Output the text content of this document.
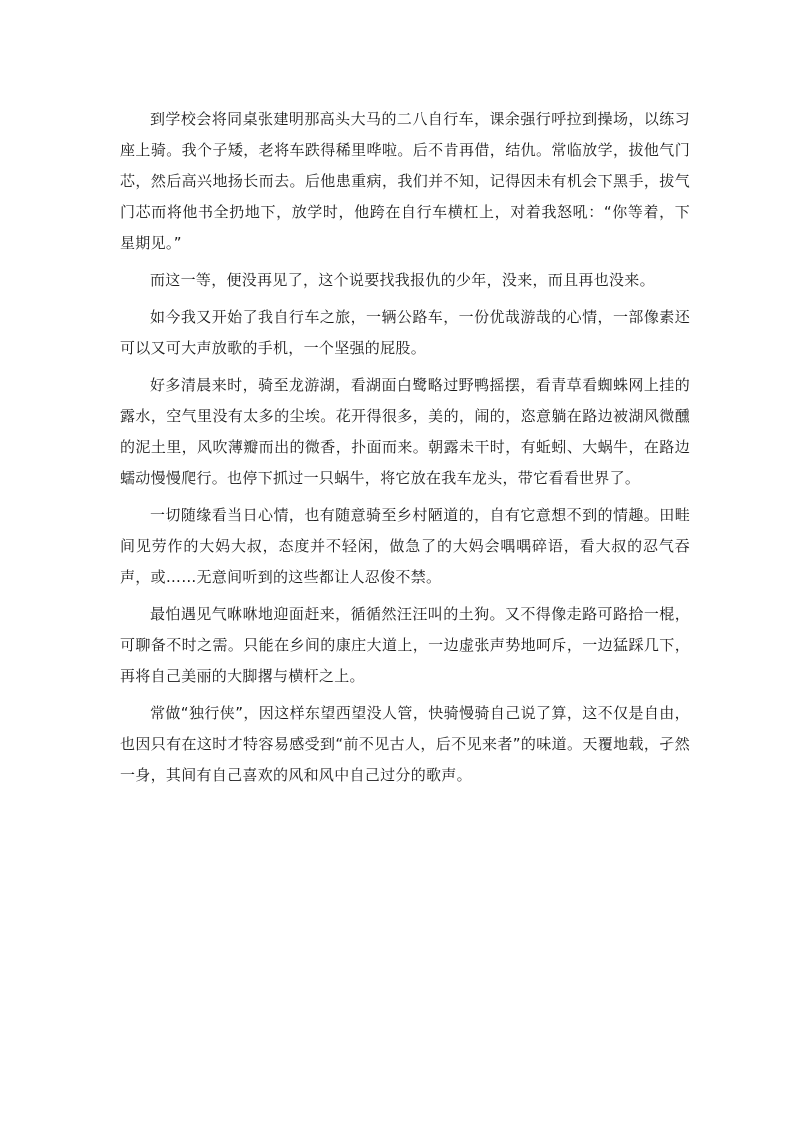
到学校会将同桌张建明那高头大马的二八自行车，课余强行呼拉到操场，以练习座上骑。我个子矮，老将车跌得稀里哗啦。后不肯再借，结仇。常临放学，拔他气门芯，然后高兴地扬长而去。后他患重病，我们并不知，记得因未有机会下黑手，拔气门芯而将他书全扔地下，放学时，他跨在自行车横杠上，对着我怒吼：“你等着，下星期见。”

而这一等，便没再见了，这个说要找我报仇的少年，没来，而且再也没来。

如今我又开始了我自行车之旅，一辆公路车，一份优哉游哉的心情，一部像素还可以又可大声放歌的手机，一个坚强的屁股。

好多清晨来时，骑至龙游湖，看湖面白鹭略过野鸭摇摆，看青草看蜘蛛网上挂的露水，空气里没有太多的尘埃。花开得很多，美的，闹的，恣意躺在路边被湖风微醺的泥土里，风吹薄瓣而出的微香，扑面而来。朝露未干时，有蚯蚓、大蜗牛，在路边蠕动慢慢爬行。也停下抓过一只蜗牛，将它放在我车龙头，带它看看世界了。

一切随缘看当日心情，也有随意骑至乡村陋道的，自有它意想不到的情趣。田畦间见劳作的大妈大叔，态度并不轻闲，做急了的大妈会喁喁碎语，看大叔的忍气吞声，或……无意间听到的这些都让人忍俊不禁。

最怕遇见气咻咻地迎面赶来，循循然汪汪叫的土狗。又不得像走路可路拾一棍，可聊备不时之需。只能在乡间的康庄大道上，一边虚张声势地呵斥，一边猛踩几下，再将自己美丽的大脚撂与横杆之上。

常做“独行侠”，因这样东望西望没人管，快骑慢骑自己说了算，这不仅是自由，也因只有在这时才特容易感受到“前不见古人，后不见来者”的味道。天覆地载，孑然一身，其间有自己喜欢的风和风中自己过分的歌声。
